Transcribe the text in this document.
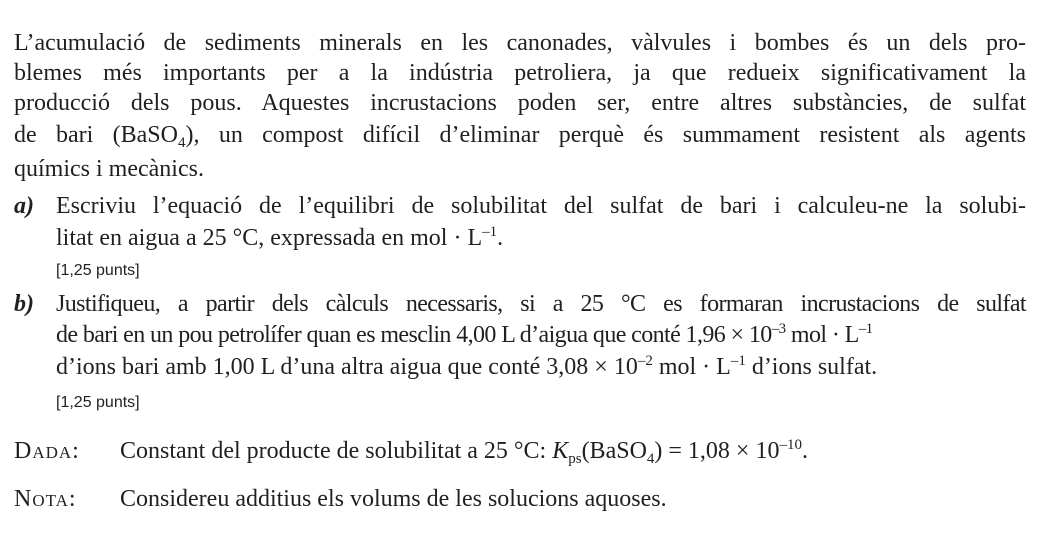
L’acumulació de sediments minerals en les canonades, vàlvules i bombes és un dels pro-
blemes més importants per a la indústria petroliera, ja que redueix significativament la
producció dels pous. Aquestes incrustacions poden ser, entre altres substàncies, de sulfat
de bari (BaSO$_4$), un compost difícil d’eliminar perquè és summament resistent als agents
químics i mecànics.
a) Escriviu l’equació de l’equilibri de solubilitat del sulfat de bari i calculeu-ne la solubi-
litat en aigua a 25 °C, expressada en mol · $L^{-1}$.
[1,25 punts]
b) Justifiqueu, a partir dels càlculs necessaris, si a 25 °C es formaran incrustacions de sulfat
de bari en un pou petrolífer quan es mesclin 4,00 L d’aigua que conté $1,96 \times 10^{-3}$ mol · $L^{-1}$
d’ions bari amb 1,00 L d’una altra aigua que conté $3,08 \times 10^{-2}$ mol · $L^{-1}$ d’ions sulfat.
[1,25 punts]
Dada: Constant del producte de solubilitat a 25 °C: $K_{ps}(BaSO_4) = 1,08 \times 10^{-10}$.
Nota: Considereu additius els volums de les solucions aquoses.
